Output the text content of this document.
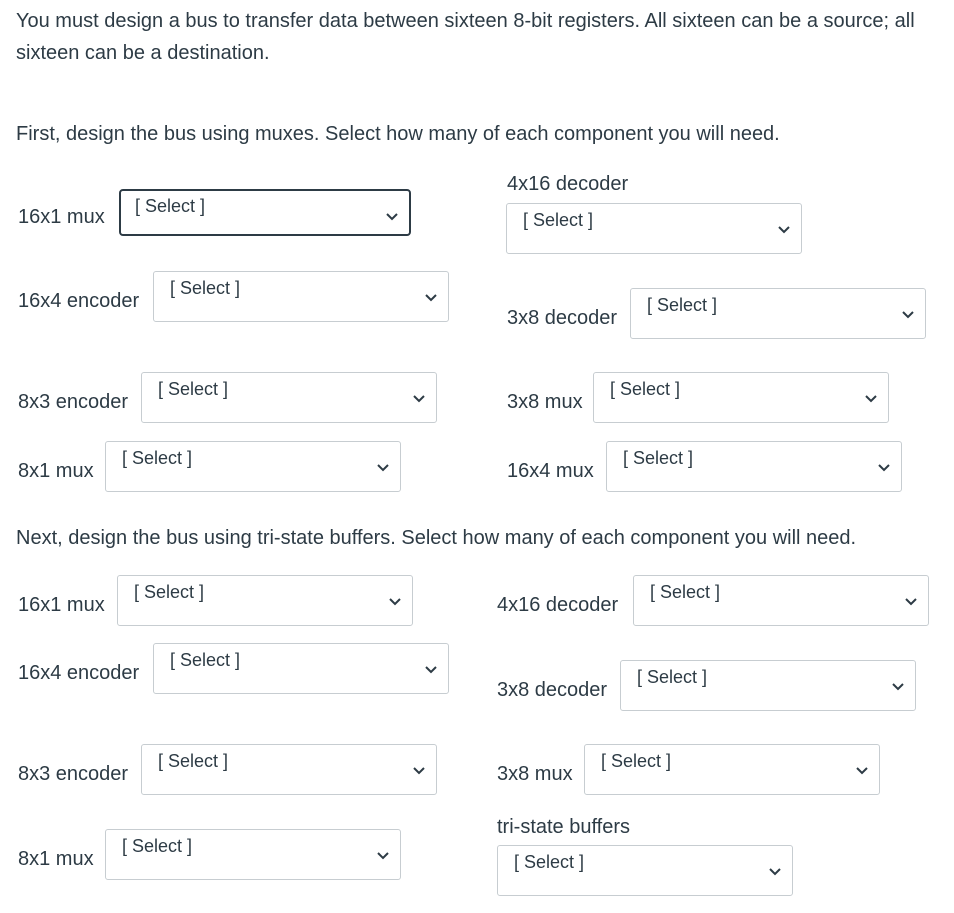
You must design a bus to transfer data between sixteen 8-bit registers. All sixteen can be a source; all sixteen can be a destination.
First, design the bus using muxes. Select how many of each component you will need.
16x1 mux [ Select ]
16x4 encoder
[ Select ]
8x3 encoder
[ Select ]
8x1 mux
[ Select ]
4x16 decoder
[ Select ]
3x8 decoder
[ Select ]
3x8 mux
[ Select ]
16x4 mux
[ Select ]
Next, design the bus using tri-state buffers. Select how many of each component you will need.
16x1 mux
[ Select ]
16x4 encoder
[ Select ]
8x3 encoder
[ Select ]
8x1 mux
[ Select ]
4x16 decoder
[ Select ]
3x8 decoder
[ Select ]
3x8 mux
[ Select ]
tri-state buffers
[ Select ]
